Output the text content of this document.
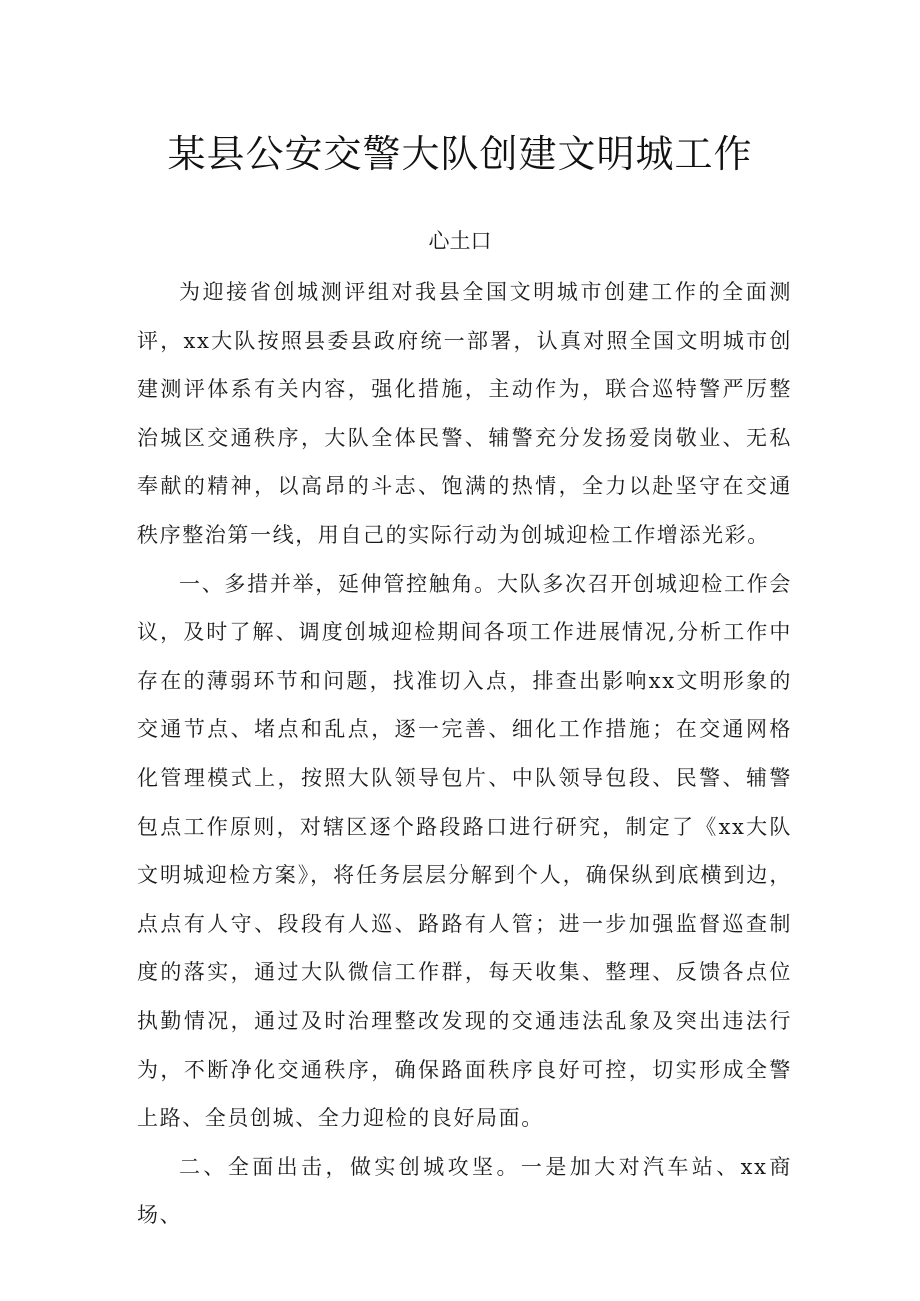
某县公安交警大队创建文明城工作
心土口

为迎接省创城测评组对我县全国文明城市创建工作的全面测评，xx大队按照县委县政府统一部署，认真对照全国文明城市创建测评体系有关内容，强化措施，主动作为，联合巡特警严厉整治城区交通秩序，大队全体民警、辅警充分发扬爱岗敬业、无私奉献的精神，以高昂的斗志、饱满的热情，全力以赴坚守在交通秩序整治第一线，用自己的实际行动为创城迎检工作增添光彩。

一、多措并举，延伸管控触角。大队多次召开创城迎检工作会议，及时了解、调度创城迎检期间各项工作进展情况,分析工作中存在的薄弱环节和问题，找准切入点，排查出影响xx文明形象的交通节点、堵点和乱点，逐一完善、细化工作措施；在交通网格化管理模式上，按照大队领导包片、中队领导包段、民警、辅警包点工作原则，对辖区逐个路段路口进行研究，制定了《xx大队文明城迎检方案》，将任务层层分解到个人，确保纵到底横到边，点点有人守、段段有人巡、路路有人管；进一步加强监督巡查制度的落实，通过大队微信工作群，每天收集、整理、反馈各点位执勤情况，通过及时治理整改发现的交通违法乱象及突出违法行为，不断净化交通秩序，确保路面秩序良好可控，切实形成全警上路、全员创城、全力迎检的良好局面。

二、全面出击，做实创城攻坚。一是加大对汽车站、xx商场、
